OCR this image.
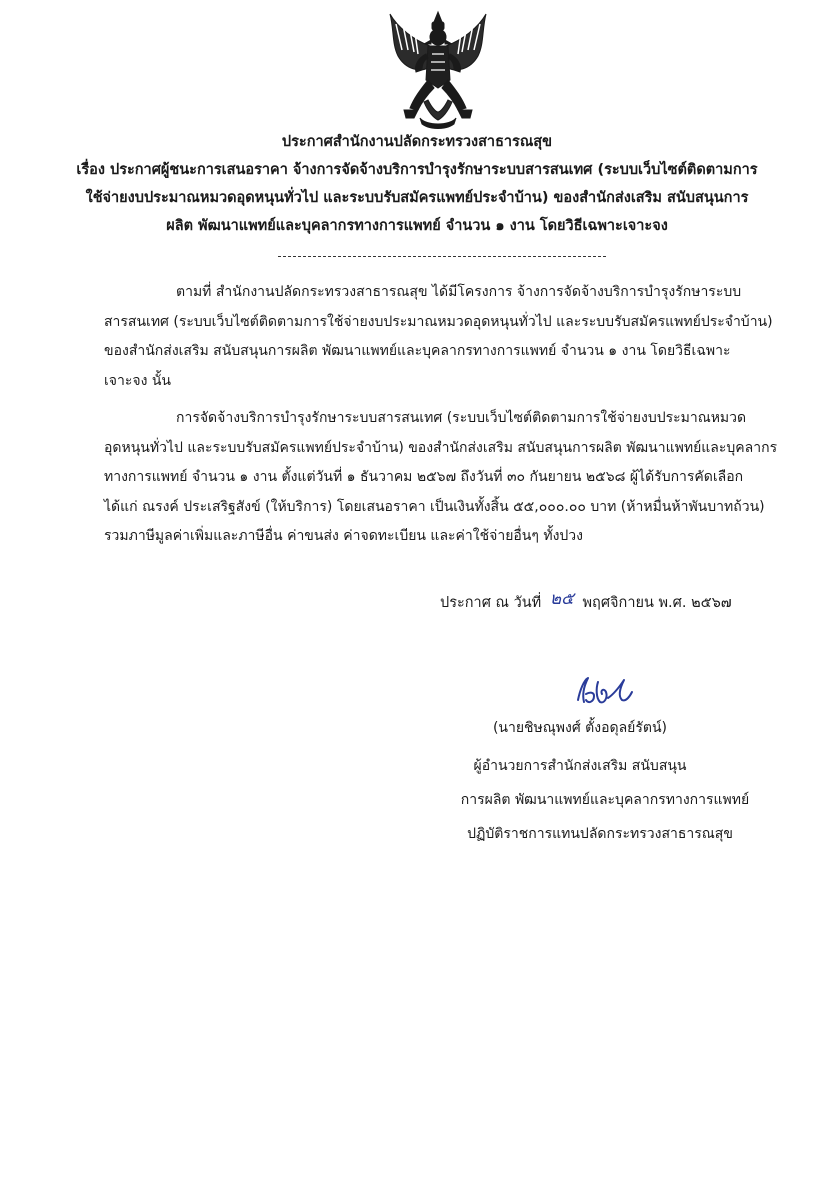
ประกาศสำนักงานปลัดกระทรวงสาธารณสุข
เรื่อง ประกาศผู้ชนะการเสนอราคา จ้างการจัดจ้างบริการบำรุงรักษาระบบสารสนเทศ (ระบบเว็บไซต์ติดตามการ
ใช้จ่ายงบประมาณหมวดอุดหนุนทั่วไป และระบบรับสมัครแพทย์ประจำบ้าน) ของสำนักส่งเสริม สนับสนุนการ
ผลิต พัฒนาแพทย์และบุคลากรทางการแพทย์ จำนวน ๑ งาน โดยวิธีเฉพาะเจาะจง
ตามที่ สำนักงานปลัดกระทรวงสาธารณสุข ได้มีโครงการ จ้างการจัดจ้างบริการบำรุงรักษาระบบ
สารสนเทศ (ระบบเว็บไซต์ติดตามการใช้จ่ายงบประมาณหมวดอุดหนุนทั่วไป และระบบรับสมัครแพทย์ประจำบ้าน)
ของสำนักส่งเสริม สนับสนุนการผลิต พัฒนาแพทย์และบุคลากรทางการแพทย์ จำนวน ๑ งาน โดยวิธีเฉพาะ
เจาะจง นั้น
การจัดจ้างบริการบำรุงรักษาระบบสารสนเทศ (ระบบเว็บไซต์ติดตามการใช้จ่ายงบประมาณหมวด
อุดหนุนทั่วไป และระบบรับสมัครแพทย์ประจำบ้าน) ของสำนักส่งเสริม สนับสนุนการผลิต พัฒนาแพทย์และบุคลากร
ทางการแพทย์ จำนวน ๑ งาน ตั้งแต่วันที่ ๑ ธันวาคม ๒๕๖๗ ถึงวันที่ ๓๐ กันยายน ๒๕๖๘ ผู้ได้รับการคัดเลือก
ได้แก่ ณรงค์ ประเสริฐสังข์ (ให้บริการ) โดยเสนอราคา เป็นเงินทั้งสิ้น ๕๕,๐๐๐.๐๐ บาท (ห้าหมื่นห้าพันบาทถ้วน)
รวมภาษีมูลค่าเพิ่มและภาษีอื่น ค่าขนส่ง ค่าจดทะเบียน และค่าใช้จ่ายอื่นๆ ทั้งปวง
ประกาศ ณ วันที่ ๒๕ พฤศจิกายน พ.ศ. ๒๕๖๗
(นายชิษณุพงศ์ ตั้งอดุลย์รัตน์)
ผู้อำนวยการสำนักส่งเสริม สนับสนุน
การผลิต พัฒนาแพทย์และบุคลากรทางการแพทย์
ปฏิบัติราชการแทนปลัดกระทรวงสาธารณสุข
